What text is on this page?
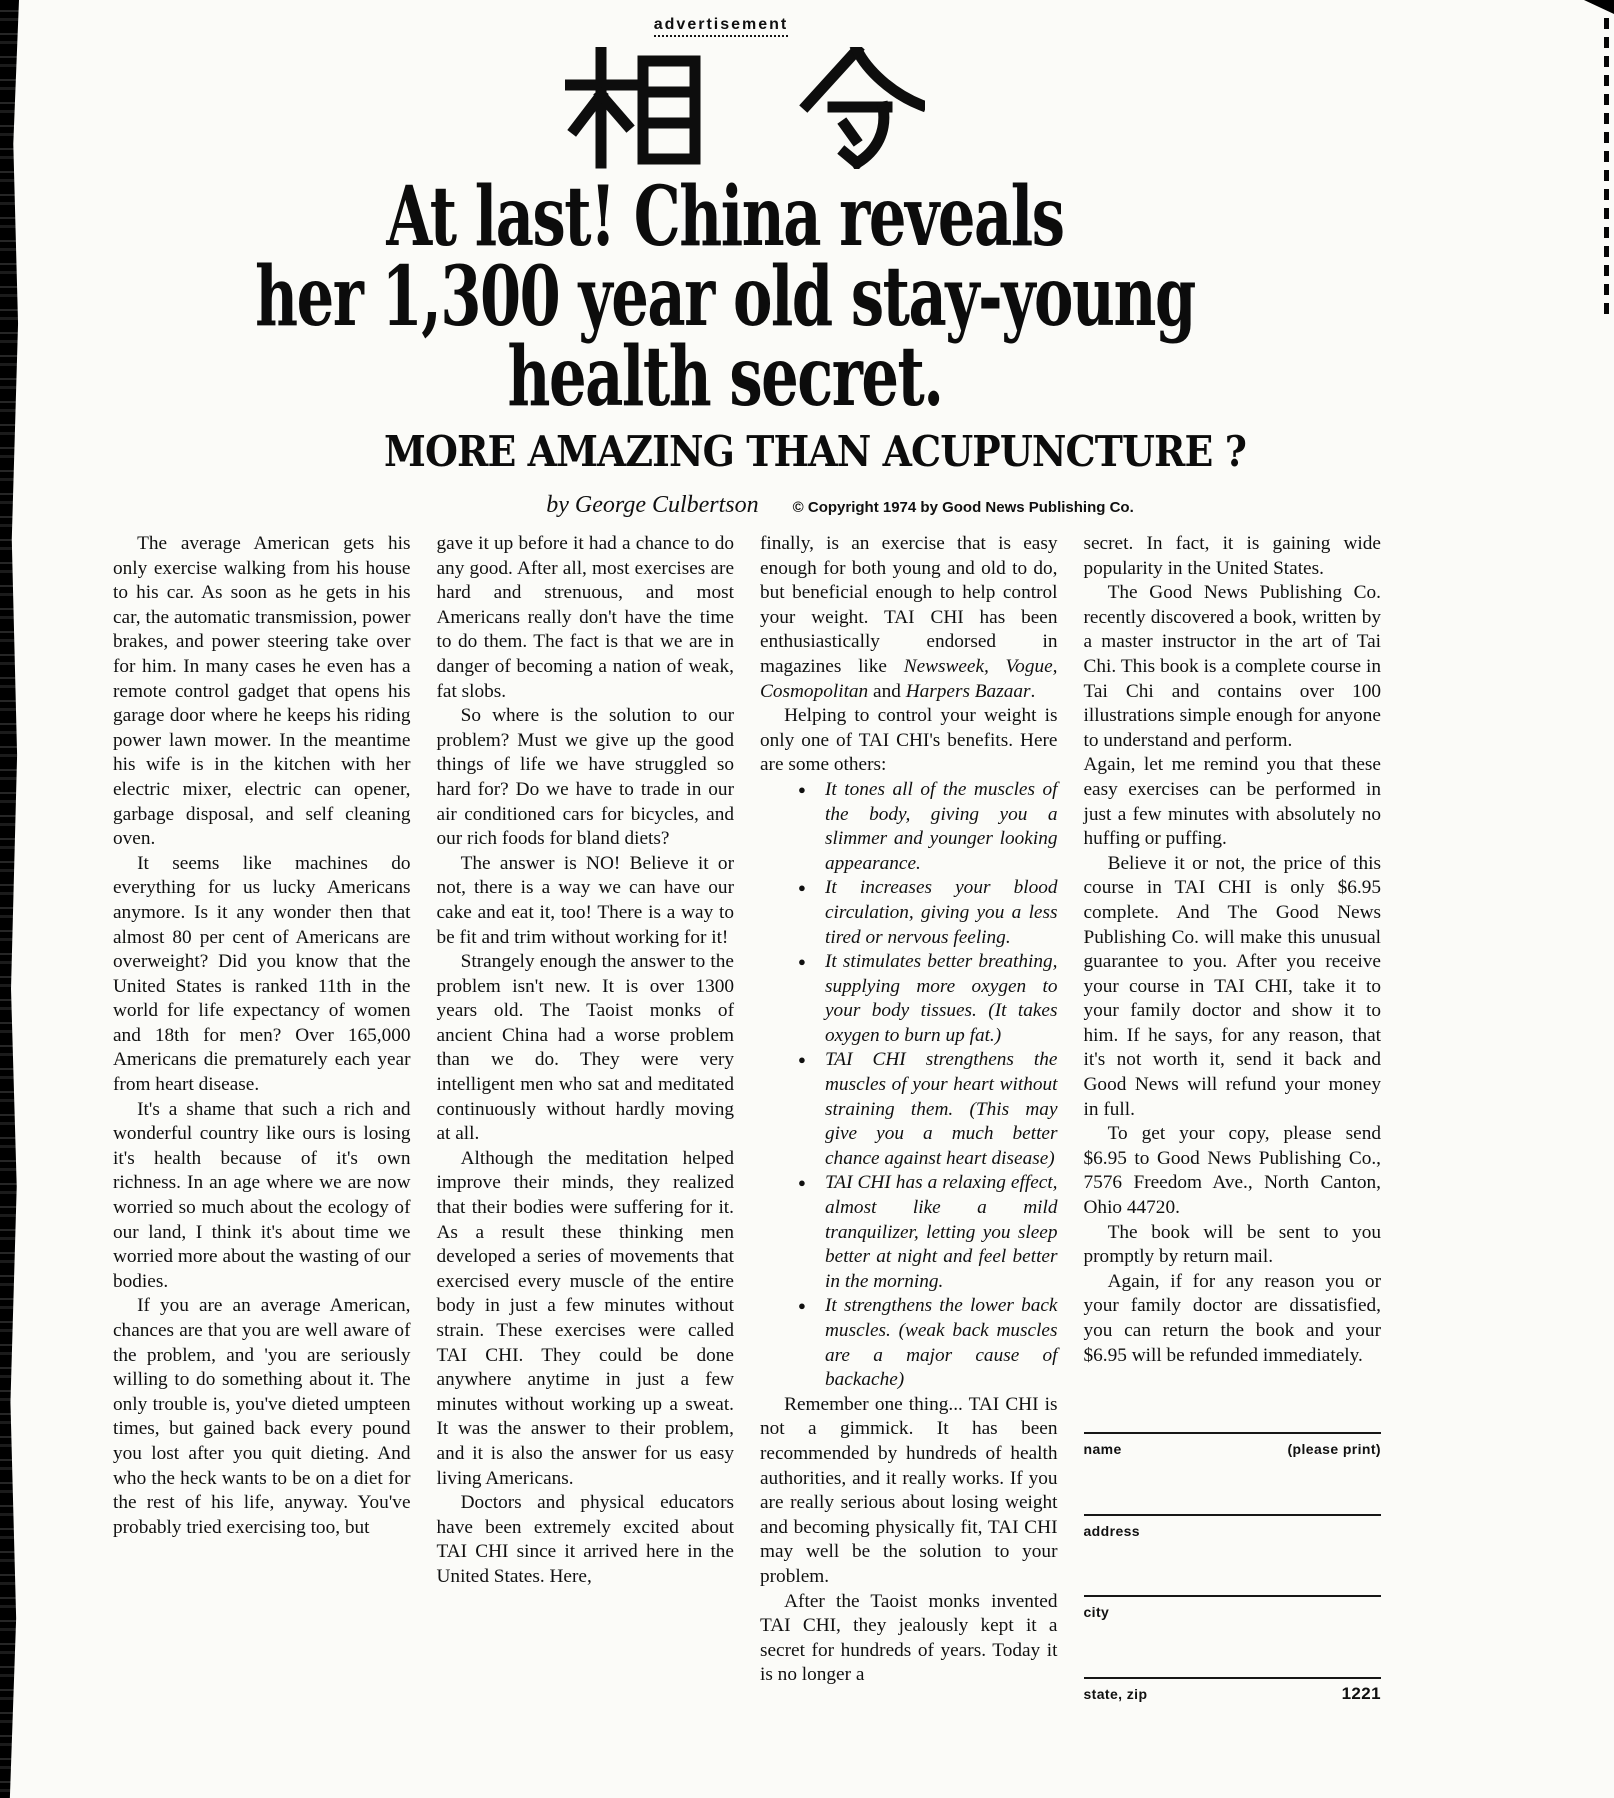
advertisement
At last! China reveals
her 1,300 year old stay-young
health secret.
MORE AMAZING THAN ACUPUNCTURE ?
by George Culbertson © Copyright 1974 by Good News Publishing Co.

The average American gets his only exercise walking from his house to his car. As soon as he gets in his car, the automatic transmission, power brakes, and power steering take over for him. In many cases he even has a remote control gadget that opens his garage door where he keeps his riding power lawn mower. In the meantime his wife is in the kitchen with her electric mixer, electric can opener, garbage disposal, and self cleaning oven.

It seems like machines do everything for us lucky Americans anymore. Is it any wonder then that almost 80 per cent of Americans are overweight? Did you know that the United States is ranked 11th in the world for life expectancy of women and 18th for men? Over 165,000 Americans die prematurely each year from heart disease.

It's a shame that such a rich and wonderful country like ours is losing it's health because of it's own richness. In an age where we are now worried so much about the ecology of our land, I think it's about time we worried more about the wasting of our bodies.

If you are an average American, chances are that you are well aware of the problem, and 'you are seriously willing to do something about it. The only trouble is, you've dieted umpteen times, but gained back every pound you lost after you quit dieting. And who the heck wants to be on a diet for the rest of his life, anyway. You've probably tried exercising too, but

gave it up before it had a chance to do any good. After all, most exercises are hard and strenuous, and most Americans really don't have the time to do them. The fact is that we are in danger of becoming a nation of weak, fat slobs.

So where is the solution to our problem? Must we give up the good things of life we have struggled so hard for? Do we have to trade in our air conditioned cars for bicycles, and our rich foods for bland diets?

The answer is NO! Believe it or not, there is a way we can have our cake and eat it, too! There is a way to be fit and trim without working for it!

Strangely enough the answer to the problem isn't new. It is over 1300 years old. The Taoist monks of ancient China had a worse problem than we do. They were very intelligent men who sat and meditated continuously without hardly moving at all.

Although the meditation helped improve their minds, they realized that their bodies were suffering for it. As a result these thinking men developed a series of movements that exercised every muscle of the entire body in just a few minutes without strain. These exercises were called TAI CHI. They could be done anywhere anytime in just a few minutes without working up a sweat. It was the answer to their problem, and it is also the answer for us easy living Americans.

Doctors and physical educators have been extremely excited about TAI CHI since it arrived here in the United States. Here,

finally, is an exercise that is easy enough for both young and old to do, but beneficial enough to help control your weight. TAI CHI has been enthusiastically endorsed in magazines like Newsweek, Vogue, Cosmopolitan and Harpers Bazaar.

Helping to control your weight is only one of TAI CHI's benefits. Here are some others:

● It tones all of the muscles of the body, giving you a slimmer and younger looking appearance.
● It increases your blood circulation, giving you a less tired or nervous feeling.
● It stimulates better breathing, supplying more oxygen to your body tissues. (It takes oxygen to burn up fat.)
● TAI CHI strengthens the muscles of your heart without straining them. (This may give you a much better chance against heart disease)
● TAI CHI has a relaxing effect, almost like a mild tranquilizer, letting you sleep better at night and feel better in the morning.
● It strengthens the lower back muscles. (weak back muscles are a major cause of backache)

Remember one thing... TAI CHI is not a gimmick. It has been recommended by hundreds of health authorities, and it really works. If you are really serious about losing weight and becoming physically fit, TAI CHI may well be the solution to your problem.

After the Taoist monks invented TAI CHI, they jealously kept it a secret for hundreds of years. Today it is no longer a

secret. In fact, it is gaining wide popularity in the United States.

The Good News Publishing Co. recently discovered a book, written by a master instructor in the art of Tai Chi. This book is a complete course in Tai Chi and contains over 100 illustrations simple enough for anyone to understand and perform.

Again, let me remind you that these easy exercises can be performed in just a few minutes with absolutely no huffing or puffing.

Believe it or not, the price of this course in TAI CHI is only $6.95 complete. And The Good News Publishing Co. will make this unusual guarantee to you. After you receive your course in TAI CHI, take it to your family doctor and show it to him. If he says, for any reason, that it's not worth it, send it back and Good News will refund your money in full.

To get your copy, please send $6.95 to Good News Publishing Co., 7576 Freedom Ave., North Canton, Ohio 44720.

The book will be sent to you promptly by return mail.

Again, if for any reason you or your family doctor are dissatisfied, you can return the book and your $6.95 will be refunded immediately.

name	(please print)
address
city
state, zip	1221
